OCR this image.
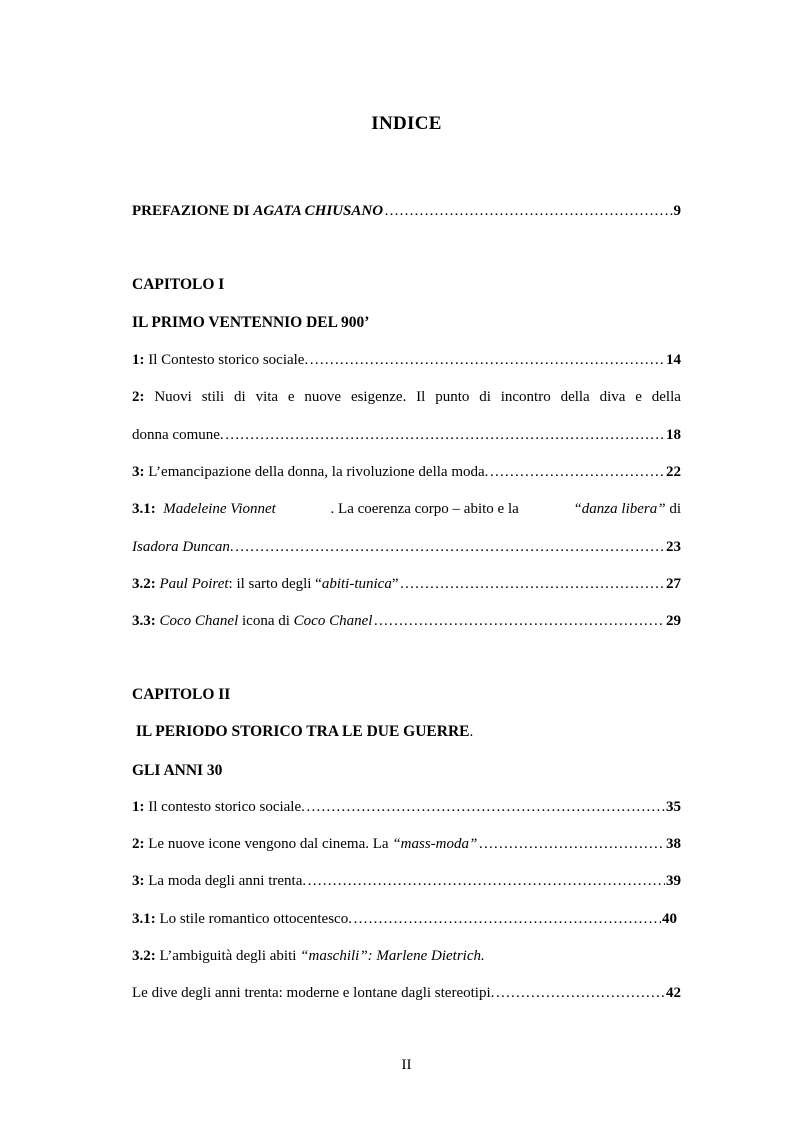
INDICE
PREFAZIONE DI AGATA CHIUSANO …………………………………………………………………………………………………………………………………………………………	9
CAPITOLO I
IL PRIMO VENTENNIO DEL 900’
1: Il Contesto storico sociale. …………………………………………………………………………………………………………………………………………………………	14
2: Nuovi stili di vita e nuove esigenze. Il punto di incontro della diva e della
donna comune. …………………………………………………………………………………………………………………………………………………………	18
3: L’emancipazione della donna, la rivoluzione della moda. …………………………………………………………………………………………………………………………………………………………	22
3.1: Madeleine Vionnet	. La coerenza corpo – abito e la	“danza libera” di
Isadora Duncan. …………………………………………………………………………………………………………………………………………………………	23
3.2: Paul Poiret: il sarto degli “abiti-tunica” …………………………………………………………………………………………………………………………………………………………	27
3.3: Coco Chanel icona di Coco Chanel …………………………………………………………………………………………………………………………………………………………	29
CAPITOLO II
IL PERIODO STORICO TRA LE DUE GUERRE.
GLI ANNI 30
1: Il contesto storico sociale. …………………………………………………………………………………………………………………………………………………………	35
2: Le nuove icone vengono dal cinema. La “mass-moda” …………………………………………………………………………………………………………………………………………………………	38
3: La moda degli anni trenta. …………………………………………………………………………………………………………………………………………………………	39
3.1: Lo stile romantico ottocentesco. …………………………………………………………………………………………………………………………………………………………	40
3.2: L’ambiguità degli abiti “maschili”: Marlene Dietrich.
Le dive degli anni trenta: moderne e lontane dagli stereotipi. …………………………………………………………………………………………………………………………………………………………	42
II
